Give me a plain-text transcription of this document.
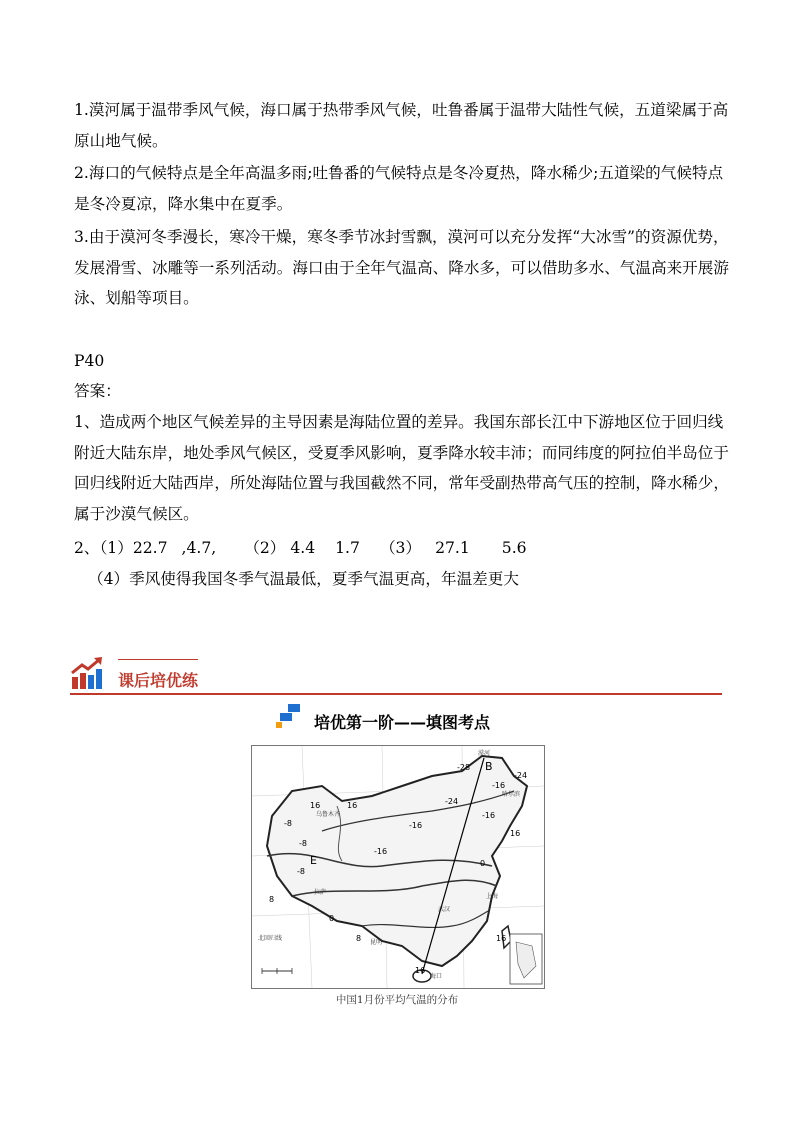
1.漠河属于温带季风气候，海口属于热带季风气候，吐鲁番属于温带大陆性气候，五道梁属于高原山地气候。

2.海口的气候特点是全年高温多雨;吐鲁番的气候特点是冬冷夏热，降水稀少;五道梁的气候特点是冬冷夏凉，降水集中在夏季。

3.由于漠河冬季漫长，寒冷干燥，寒冬季节冰封雪飘，漠河可以充分发挥“大冰雪”的资源优势，发展滑雪、冰雕等一系列活动。海口由于全年气温高、降水多，可以借助多水、气温高来开展游泳、划船等项目。

P40

答案：

1、造成两个地区气候差异的主导因素是海陆位置的差异。我国东部长江中下游地区位于回归线附近大陆东岸，地处季风气候区，受夏季风影响，夏季降水较丰沛；而同纬度的阿拉伯半岛位于回归线附近大陆西岸，所处海陆位置与我国截然不同，常年受副热带高气压的控制，降水稀少，属于沙漠气候区。

2、（1）22.7 ,4.7, （2） 4.4 1.7 （3） 27.1 5.6

（4）季风使得我国冬季气温最低，夏季气温更高，年温差更大

课后培优练
培优第一阶——填图考点
-28
-24
-16
-24
16
-16
-16
-8
16
-8
0
8	16
16
8
0
-8
16
-16
漠河
哈尔滨
乌鲁木齐
拉萨
武汉
上海
昆明
海口
北回归线
E
B
中国1月份平均气温的分布
